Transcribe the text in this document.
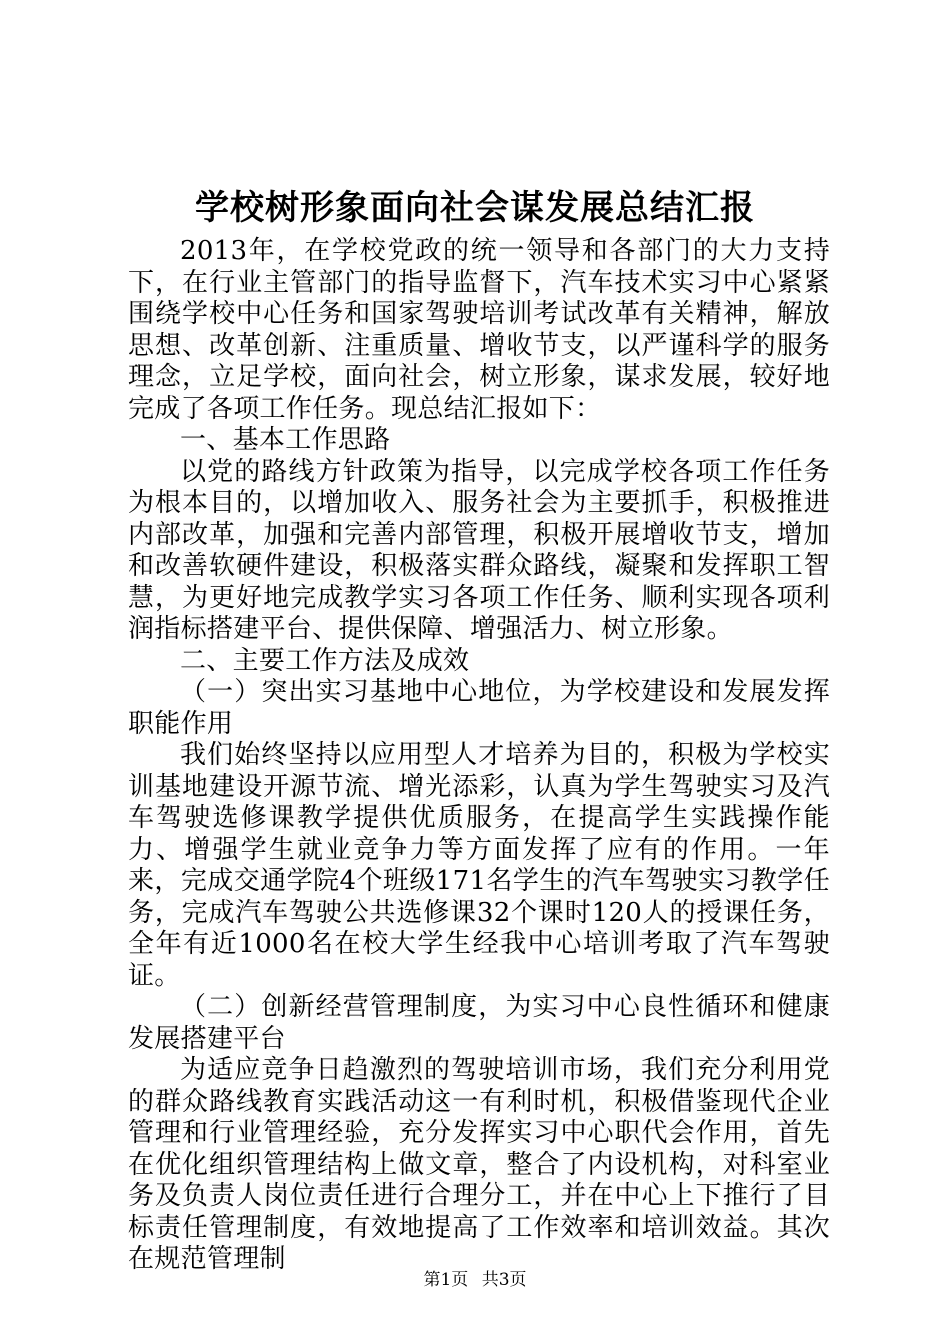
学校树形象面向社会谋发展总结汇报

2013年，在学校党政的统一领导和各部门的大力支持下，在行业主管部门的指导监督下，汽车技术实习中心紧紧围绕学校中心任务和国家驾驶培训考试改革有关精神，解放思想、改革创新、注重质量、增收节支，以严谨科学的服务理念，立足学校，面向社会，树立形象，谋求发展，较好地完成了各项工作任务。现总结汇报如下：

一、基本工作思路

以党的路线方针政策为指导，以完成学校各项工作任务为根本目的，以增加收入、服务社会为主要抓手，积极推进内部改革，加强和完善内部管理，积极开展增收节支，增加和改善软硬件建设，积极落实群众路线，凝聚和发挥职工智慧，为更好地完成教学实习各项工作任务、顺利实现各项利润指标搭建平台、提供保障、增强活力、树立形象。

二、主要工作方法及成效

（一）突出实习基地中心地位，为学校建设和发展发挥职能作用

我们始终坚持以应用型人才培养为目的，积极为学校实训基地建设开源节流、增光添彩，认真为学生驾驶实习及汽车驾驶选修课教学提供优质服务，在提高学生实践操作能力、增强学生就业竞争力等方面发挥了应有的作用。一年来，完成交通学院4个班级171名学生的汽车驾驶实习教学任务，完成汽车驾驶公共选修课32个课时120人的授课任务，全年有近1000名在校大学生经我中心培训考取了汽车驾驶证。

（二）创新经营管理制度，为实习中心良性循环和健康发展搭建平台

为适应竞争日趋激烈的驾驶培训市场，我们充分利用党的群众路线教育实践活动这一有利时机，积极借鉴现代企业管理和行业管理经验，充分发挥实习中心职代会作用，首先在优化组织管理结构上做文章，整合了内设机构，对科室业务及负责人岗位责任进行合理分工，并在中心上下推行了目标责任管理制度，有效地提高了工作效率和培训效益。其次在规范管理制

第1页 共3页
